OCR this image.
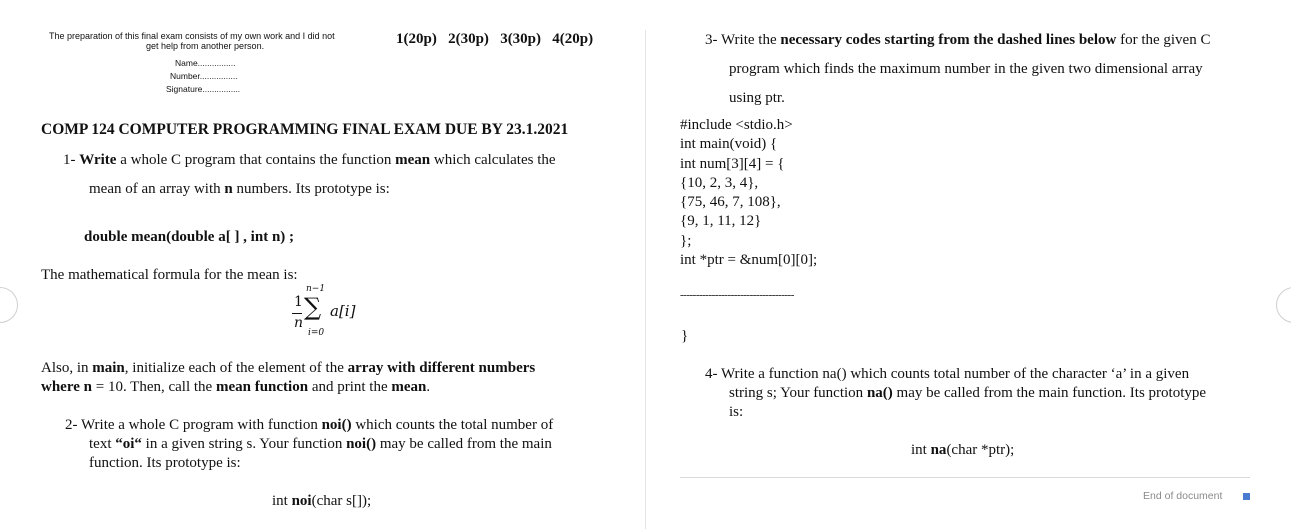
The preparation of this final exam consists of my own work and I did not
get help from another person.
Name................
Number................
Signature................
1(20p) 2(30p) 3(30p) 4(20p)
COMP 124 COMPUTER PROGRAMMING FINAL EXAM DUE BY 23.1.2021
1- Write a whole C program that contains the function mean which calculates the
mean of an array with n numbers. Its prototype is:
double mean(double a[ ] , int n) ;
The mathematical formula for the mean is:
1
n
n−1
∑
i=0
a[i]
Also, in main, initialize each of the element of the array with different numbers
where n = 10. Then, call the mean function and print the mean.
2- Write a whole C program with function noi() which counts the total number of
text “oi“ in a given string s. Your function noi() may be called from the main
function. Its prototype is:
int noi(char s[]);
3- Write the necessary codes starting from the dashed lines below for the given C
program which finds the maximum number in the given two dimensional array
using ptr.
#include <stdio.h>
int main(void) {
int num[3][4] = {
{10, 2, 3, 4},
{75, 46, 7, 108},
{9, 1, 11, 12}
};
int *ptr = &num[0][0];
------------------------------------
}
4- Write a function na() which counts total number of the character ‘a’ in a given
string s; Your function na() may be called from the main function. Its prototype
is:
int na(char *ptr);
End of document
